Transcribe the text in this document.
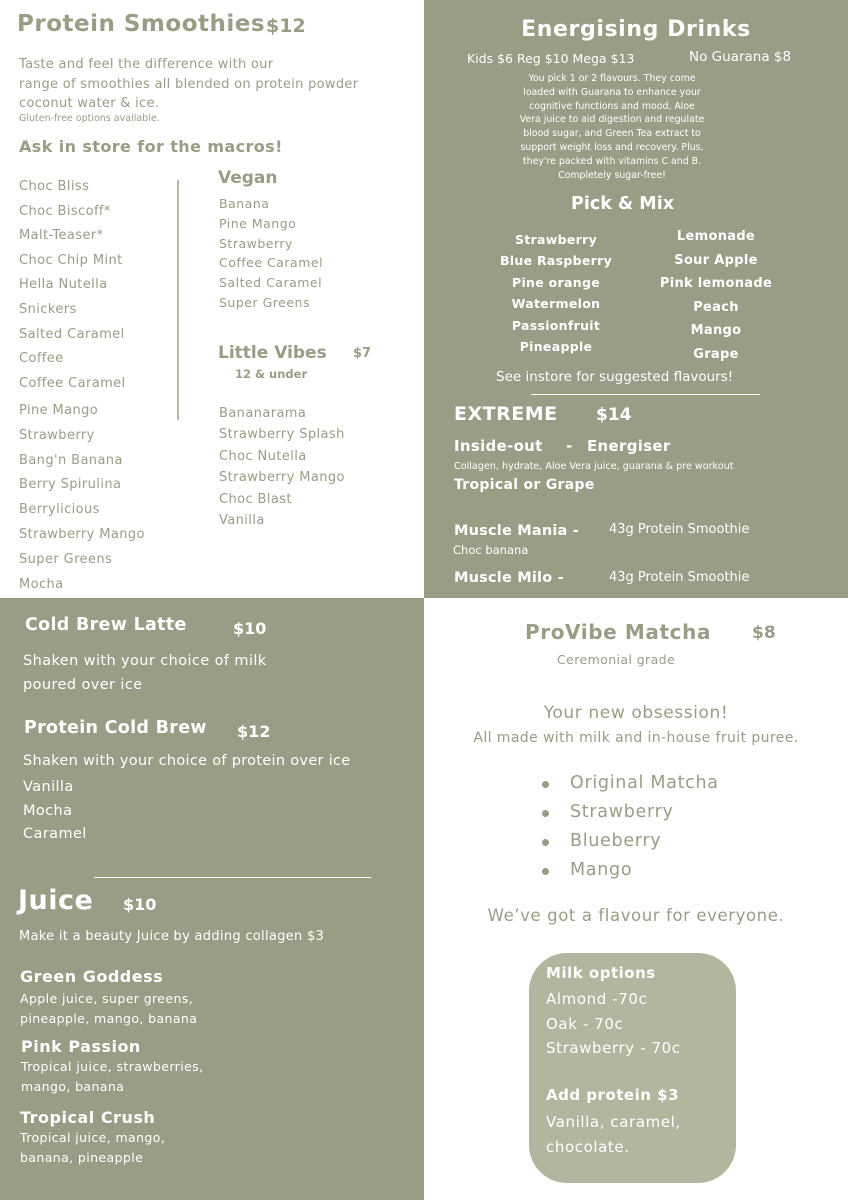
Protein Smoothies $12
Taste and feel the difference with our
range of smoothies all blended on protein powder
coconut water & ice.
Gluten-free options available.
Ask in store for the macros!
Choc Bliss
Choc Biscoff*
Malt-Teaser*
Choc Chip Mint
Hella Nutella
Snickers
Salted Caramel
Coffee
Coffee Caramel
Pine Mango
Strawberry
Bang'n Banana
Berry Spirulina
Berrylicious
Strawberry Mango
Super Greens
Mocha
Vegan
Banana
Pine Mango
Strawberry
Coffee Caramel
Salted Caramel
Super Greens
Little Vibes $7
12 & under
Bananarama
Strawberry Splash
Choc Nutella
Strawberry Mango
Choc Blast
Vanilla
Energising Drinks
Kids $6 Reg $10 Mega $13	No Guarana $8
You pick 1 or 2 flavours. They come
loaded with Guarana to enhance your
cognitive functions and mood, Aloe
Vera juice to aid digestion and regulate
blood sugar, and Green Tea extract to
support weight loss and recovery. Plus,
they're packed with vitamins C and B.
Completely sugar-free!
Pick & Mix
Strawberry
Blue Raspberry
Pine orange
Watermelon
Passionfruit
Pineapple
Lemonade
Sour Apple
Pink lemonade
Peach
Mango
Grape
See instore for suggested flavours!
EXTREME $14
Inside-out - Energiser
Collagen, hydrate, Aloe Vera juice, guarana & pre workout
Tropical or Grape
Muscle Mania - 43g Protein Smoothie
Choc banana
Muscle Milo -	43g Protein Smoothie
Cold Brew Latte	$10
Shaken with your choice of milk
poured over ice
Protein Cold Brew $12
Shaken with your choice of protein over ice
Vanilla
Mocha
Caramel
Juice $10
Make it a beauty Juice by adding collagen $3
Green Goddess
Apple juice, super greens,
pineapple, mango, banana
Pink Passion
Tropical juice, strawberries,
mango, banana
Tropical Crush
Tropical juice, mango,
banana, pineapple
ProVibe Matcha $8
Ceremonial grade
Your new obsession!
All made with milk and in-house fruit puree.
Original Matcha
Strawberry
Blueberry
Mango
We’ve got a flavour for everyone.
Milk options
Almond -70c
Oak - 70c
Strawberry - 70c
Add protein $3
Vanilla, caramel,
chocolate.
